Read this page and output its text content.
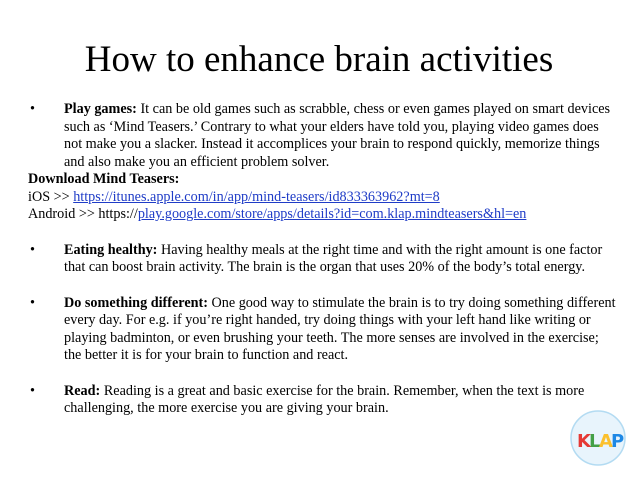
How to enhance brain activities
•	Play games: It can be old games such as scrabble, chess or even games played on smart devices such as ‘Mind Teasers.’ Contrary to what your elders have told you, playing video games does not make you a slacker. Instead it accomplices your brain to respond quickly, memorize things and also make you an efficient problem solver.
Download Mind Teasers:
iOS >> https://itunes.apple.com/in/app/mind-teasers/id833363962?mt=8
Android >> https://play.google.com/store/apps/details?id=com.klap.mindteasers&hl=en
•	Eating healthy: Having healthy meals at the right time and with the right amount is one factor that can boost brain activity. The brain is the organ that uses 20% of the body’s total energy.
•	Do something different: One good way to stimulate the brain is to try doing something different every day. For e.g. if you’re right handed, try doing things with your left hand like writing or playing badminton, or even brushing your teeth. The more senses are involved in the exercise; the better it is for your brain to function and react.
•	Read: Reading is a great and basic exercise for the brain. Remember, when the text is more challenging, the more exercise you are giving your brain.
K
L
A
P
